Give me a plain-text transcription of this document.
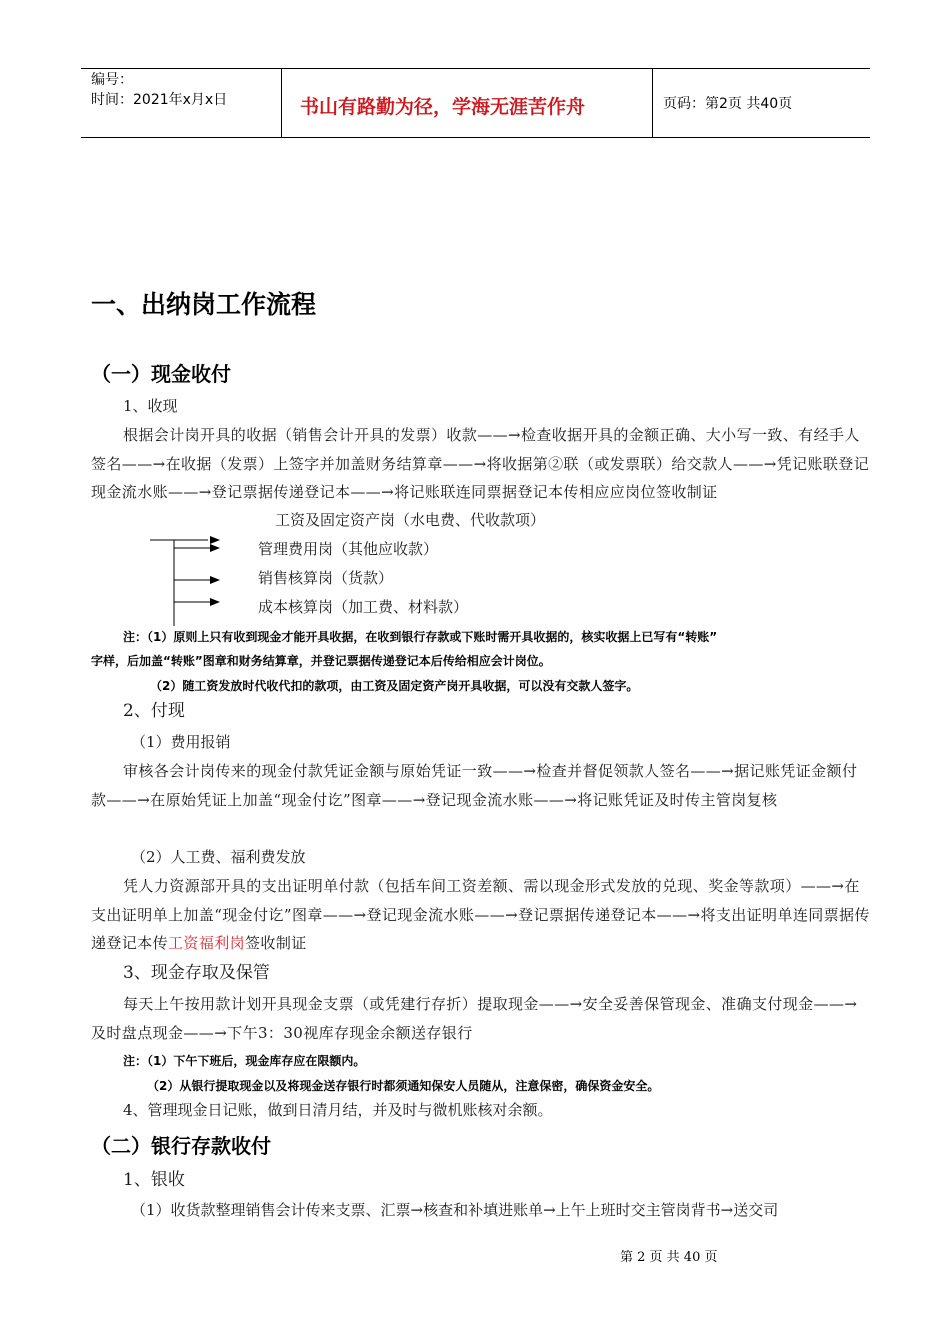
编号：
时间：2021年x月x日	书山有路勤为径，学海无涯苦作舟	页码：第2页 共40页
一、出纳岗工作流程
（一）现金收付
1、收现
根据会计岗开具的收据（销售会计开具的发票）收款——→检查收据开具的金额正确、大小写一致、有经手人签名——→在收据（发票）上签字并加盖财务结算章——→将收据第②联（或发票联）给交款人——→凭记账联登记现金流水账——→登记票据传递登记本——→将记账联连同票据登记本传相应应岗位签收制证
工资及固定资产岗（水电费、代收款项）
管理费用岗（其他应收款）
销售核算岗（货款）
成本核算岗（加工费、材料款）
注：（1）原则上只有收到现金才能开具收据，在收到银行存款或下账时需开具收据的，核实收据上已写有“转账”
字样，后加盖“转账”图章和财务结算章，并登记票据传递登记本后传给相应会计岗位。
（2）随工资发放时代收代扣的款项，由工资及固定资产岗开具收据，可以没有交款人签字。
2、付现
（1）费用报销
审核各会计岗传来的现金付款凭证金额与原始凭证一致——→检查并督促领款人签名——→据记账凭证金额付款——→在原始凭证上加盖“现金付讫”图章——→登记现金流水账——→将记账凭证及时传主管岗复核
（2）人工费、福利费发放
凭人力资源部开具的支出证明单付款（包括车间工资差额、需以现金形式发放的兑现、奖金等款项）——→在支出证明单上加盖“现金付讫”图章——→登记现金流水账——→登记票据传递登记本——→将支出证明单连同票据传递登记本传工资福利岗签收制证
3、现金存取及保管
每天上午按用款计划开具现金支票（或凭建行存折）提取现金——→安全妥善保管现金、准确支付现金——→及时盘点现金——→下午3：30视库存现金余额送存银行
注：（1）下午下班后，现金库存应在限额内。
（2）从银行提取现金以及将现金送存银行时都须通知保安人员随从，注意保密，确保资金安全。
4、管理现金日记账，做到日清月结，并及时与微机账核对余额。
（二）银行存款收付
1、银收
（1）收货款整理销售会计传来支票、汇票→核查和补填进账单→上午上班时交主管岗背书→送交司
第 2 页 共 40 页
